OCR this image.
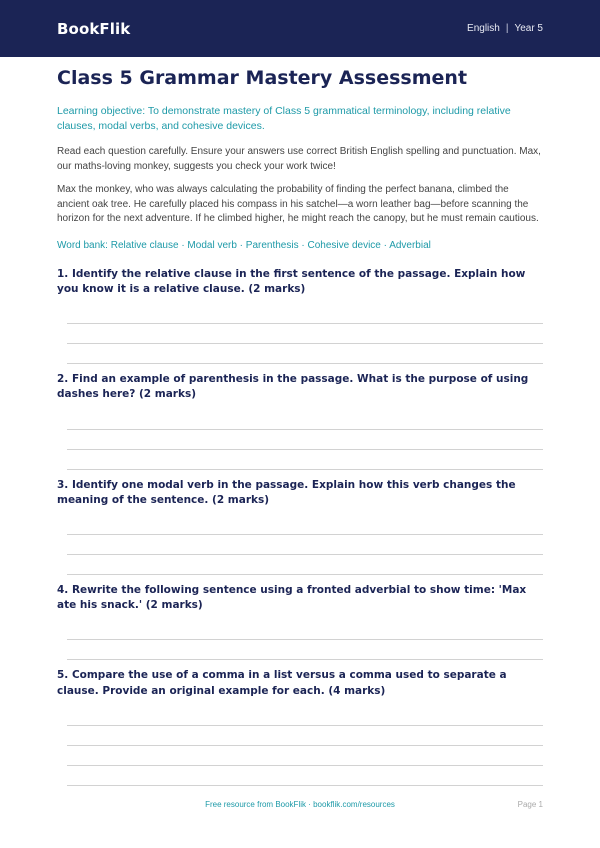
BookFlik	English | Year 5
Class 5 Grammar Mastery Assessment

Learning objective: To demonstrate mastery of Class 5 grammatical terminology, including relative clauses, modal verbs, and cohesive devices.

Read each question carefully. Ensure your answers use correct British English spelling and punctuation. Max, our maths-loving monkey, suggests you check your work twice!

Max the monkey, who was always calculating the probability of finding the perfect banana, climbed the ancient oak tree. He carefully placed his compass in his satchel—a worn leather bag—before scanning the horizon for the next adventure. If he climbed higher, he might reach the canopy, but he must remain cautious.

Word bank: Relative clause · Modal verb · Parenthesis · Cohesive device · Adverbial

1. Identify the relative clause in the first sentence of the passage. Explain how you know it is a relative clause. (2 marks)
2. Find an example of parenthesis in the passage. What is the purpose of using dashes here? (2 marks)
3. Identify one modal verb in the passage. Explain how this verb changes the meaning of the sentence. (2 marks)
4. Rewrite the following sentence using a fronted adverbial to show time: 'Max ate his snack.' (2 marks)
5. Compare the use of a comma in a list versus a comma used to separate a clause. Provide an original example for each. (4 marks)
Free resource from BookFlik · bookflik.com/resources	Page 1
